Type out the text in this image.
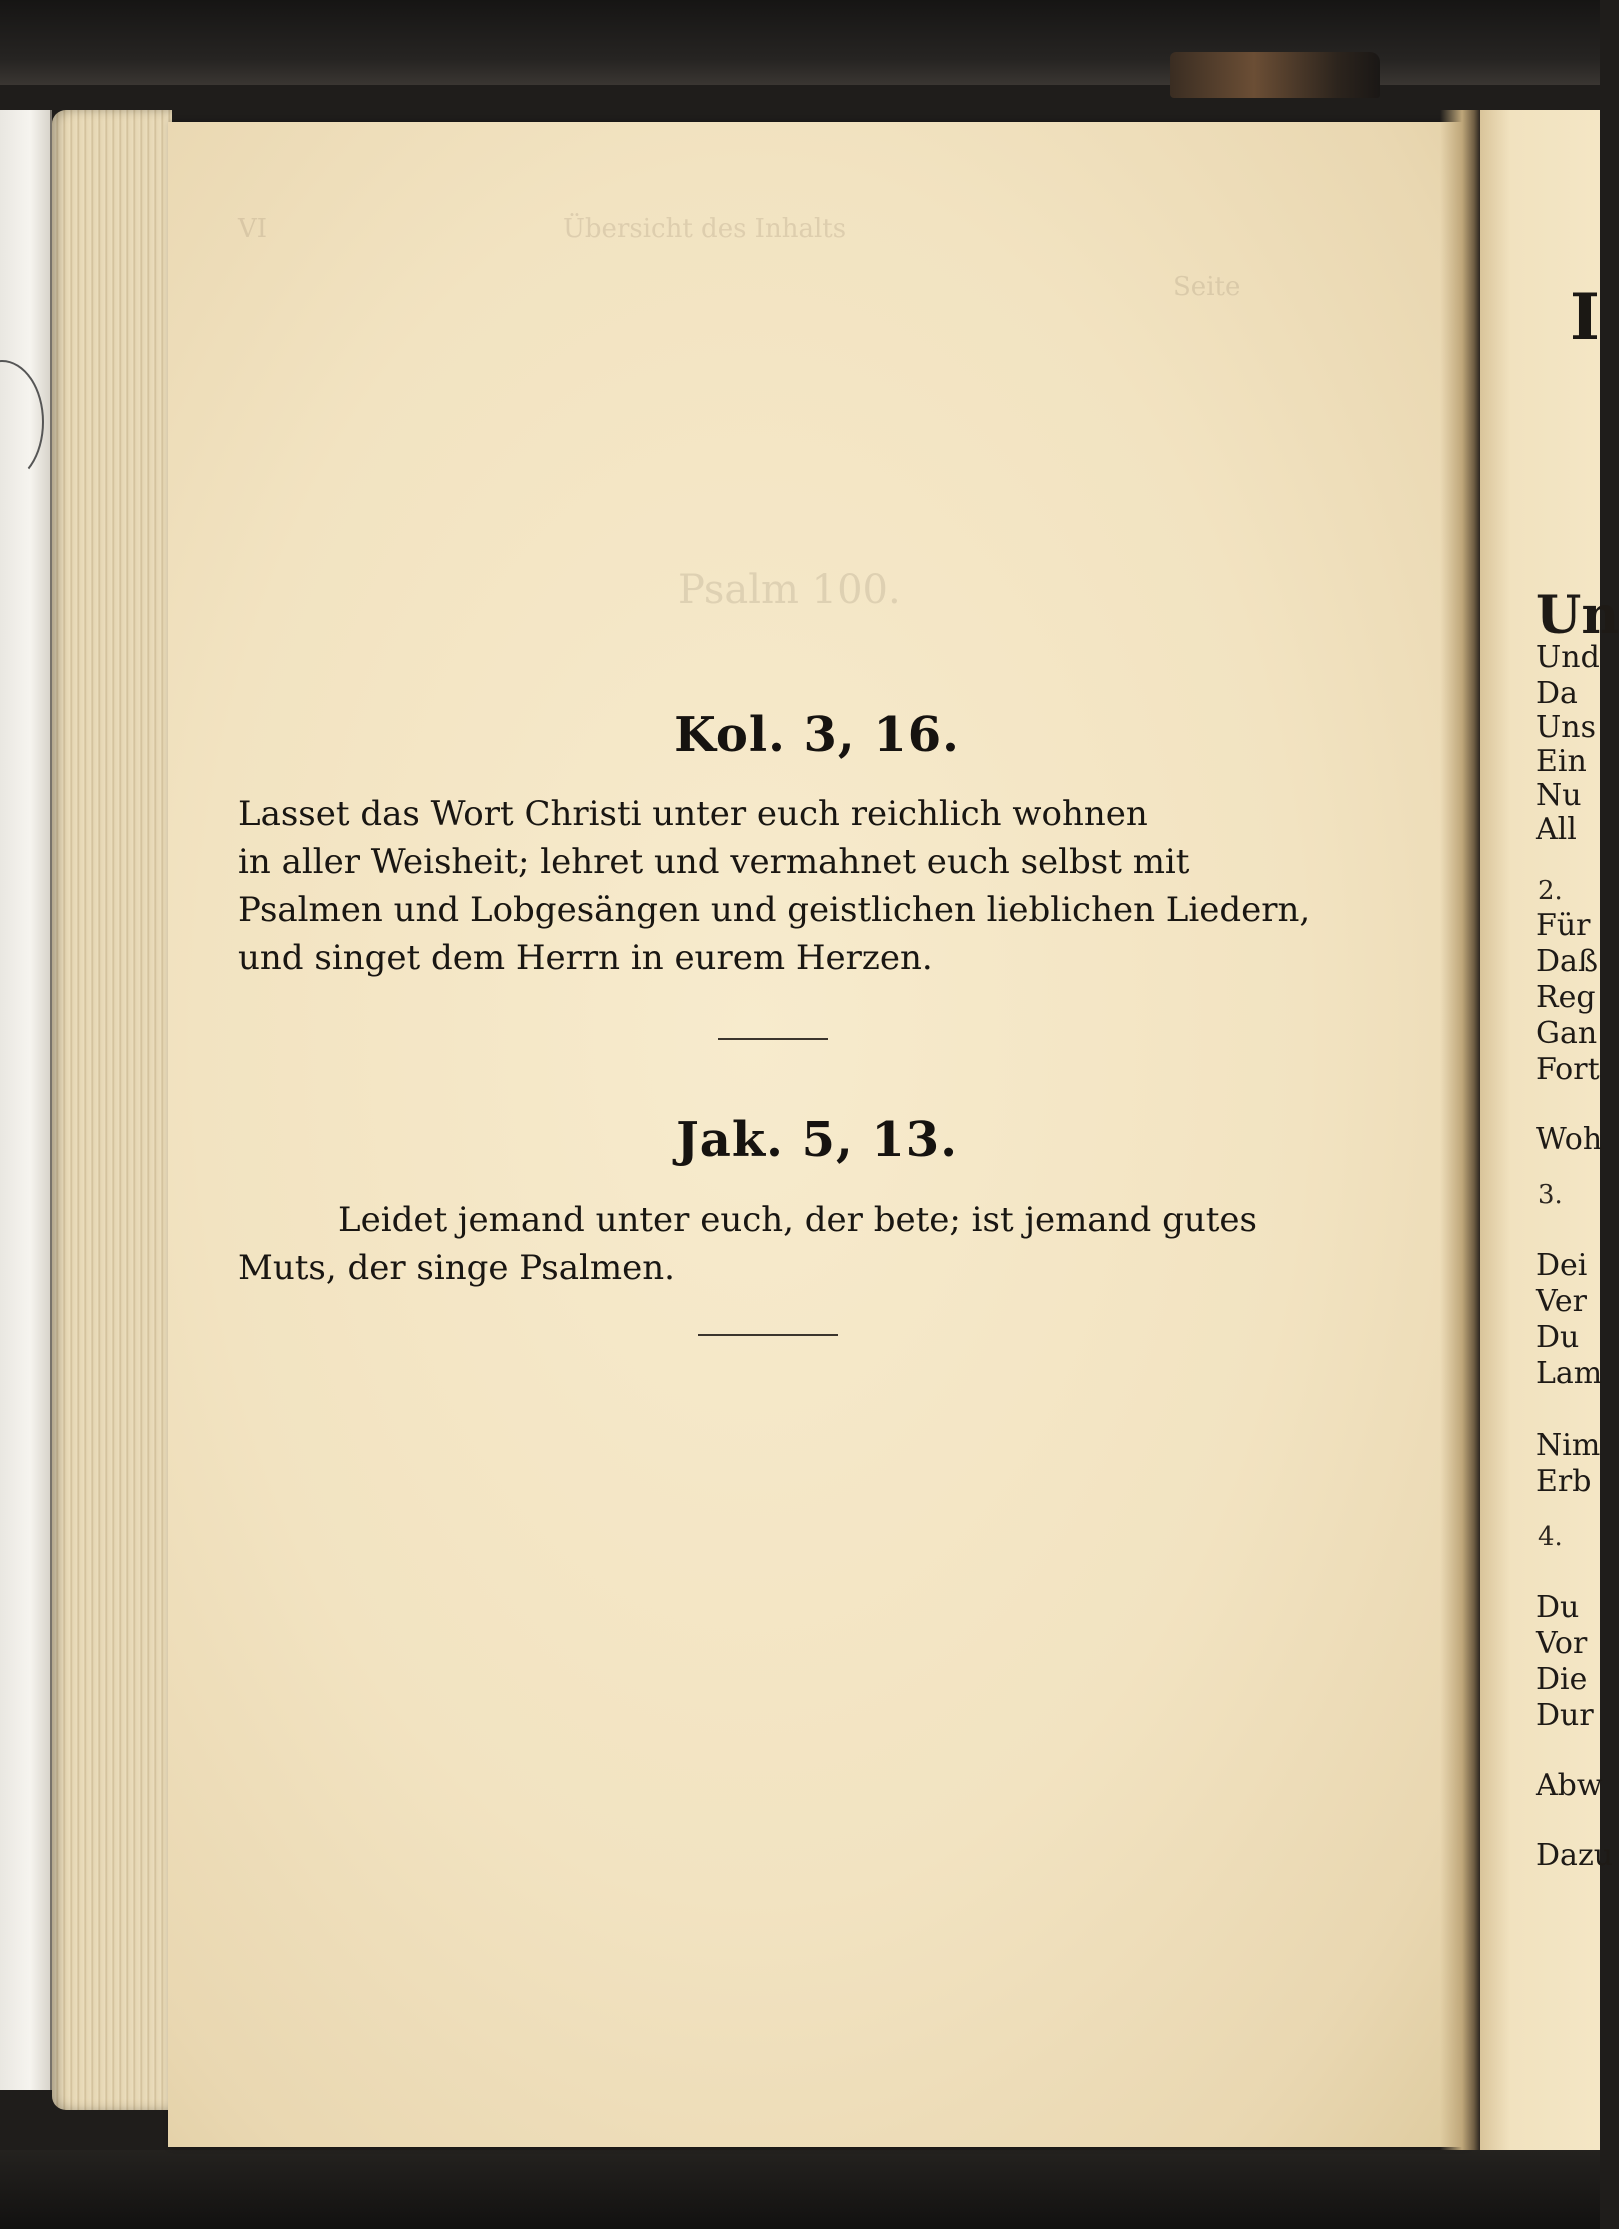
VI	Übersicht des Inhalts
Seite
Psalm 100.
Kol. 3, 16.
Lasset das Wort Christi unter euch reichlich wohnen
in aller Weisheit; lehret und vermahnet euch selbst mit
Psalmen und Lobgesängen und geistlichen lieblichen Liedern,
und singet dem Herrn in eurem Herzen.
Jak. 5, 13.
Leidet jemand unter euch, der bete; ist jemand gutes
Muts, der singe Psalmen.
I
Un
Und
Da
Uns
Ein
Nu
All
2.
Für
Daß
Reg
Gan
Fort
Woh
3.
Dei
Ver
Du
Lam
Nim
Erb
4.
Du
Vor
Die
Dur
Abw
Dazu
